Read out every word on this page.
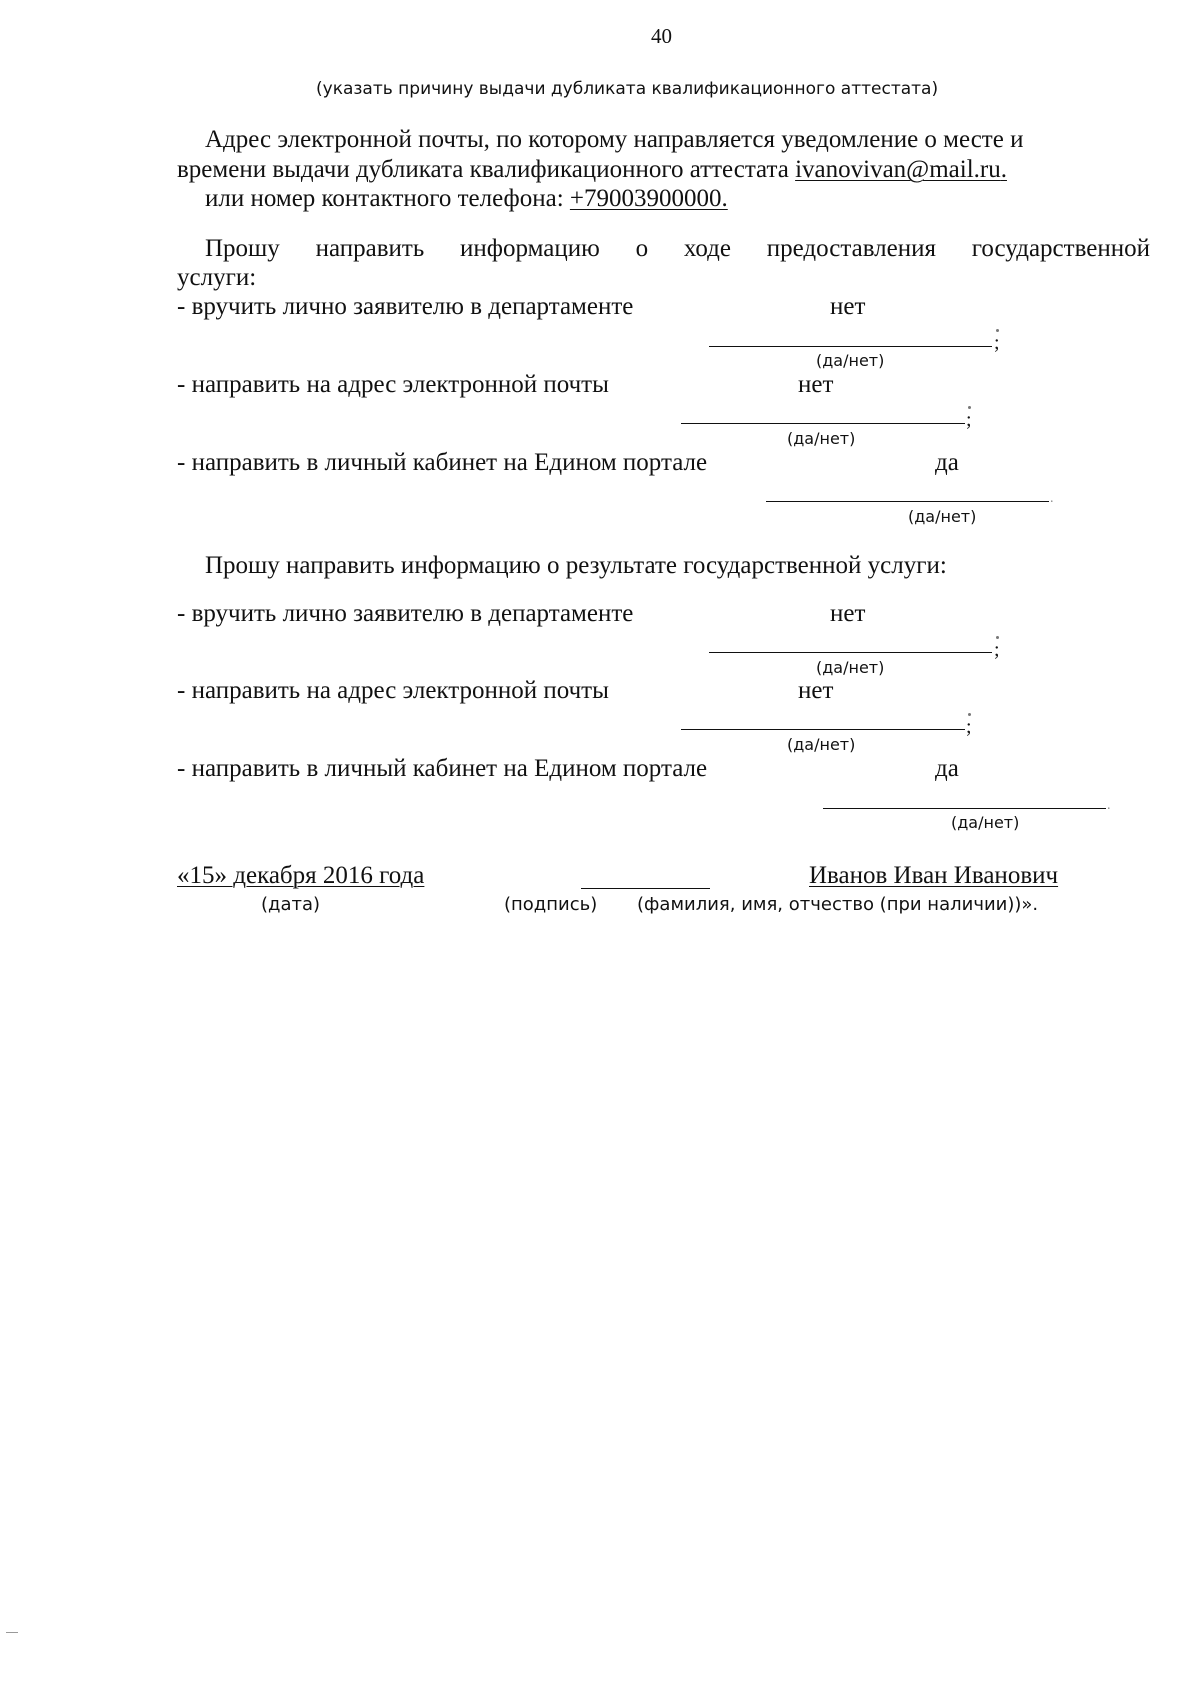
40
(указать причину выдачи дубликата квалификационного аттестата)
Адрес электронной почты, по которому направляется уведомление о месте и
времени выдачи дубликата квалификационного аттестата ivanovivan@mail.ru.
или номер контактного телефона: +79003900000.
Прошу направить информацию о ходе предоставления государственной
услуги:
- вручить лично заявителю в департаменте	нет
;
(да/нет)
- направить на адрес электронной почты	нет
;
(да/нет)
- направить в личный кабинет на Едином портале	да
.
(да/нет)
Прошу направить информацию о результате государственной услуги:
- вручить лично заявителю в департаменте	нет
;
(да/нет)
- направить на адрес электронной почты	нет
;
(да/нет)
- направить в личный кабинет на Едином портале	да
.
(да/нет)
«15» декабря 2016 года	Иванов Иван Иванович
(дата)	(подпись) (фамилия, имя, отчество (при наличии))».
